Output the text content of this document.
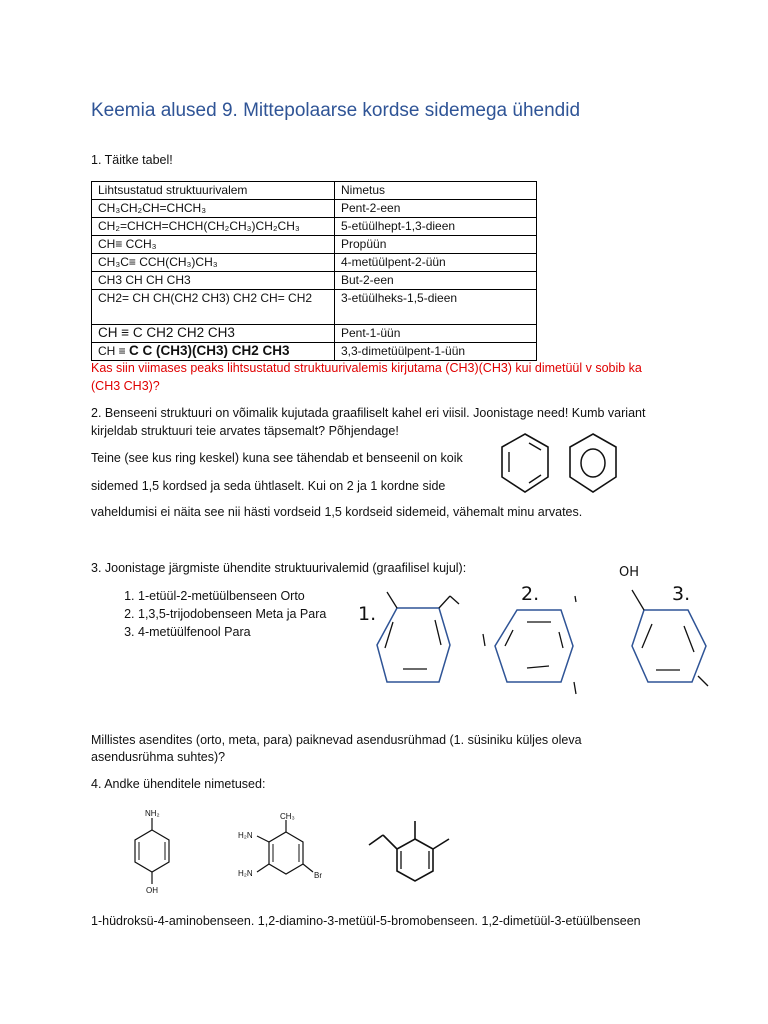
Keemia alused 9. Mittepolaarse kordse sidemega ühendid
1. Täitke tabel!
Lihtsustatud struktuurivalem	Nimetus
CH₃CH₂CH=CHCH₃	Pent-2-een
CH₂=CHCH=CHCH(CH₂CH₃)CH₂CH₃	5-etüülhept-1,3-dieen
CH≡ CCH₃	Propüün
CH₃C≡ CCH(CH₃)CH₃	4-metüülpent-2-üün
CH3 CH CH CH3	But-2-een
CH2= CH CH(CH2 CH3) CH2 CH= CH2	3-etüülheks-1,5-dieen
CH ≡ C CH2 CH2 CH3	Pent-1-üün
CH ≡ C C (CH3)(CH3) CH2 CH3	3,3-dimetüülpent-1-üün
Kas siin viimases peaks lihtsustatud struktuurivalemis kirjutama (CH3)(CH3) kui dimetüül v sobib ka
(CH3 CH3)?
2. Benseeni struktuuri on võimalik kujutada graafiliselt kahel eri viisil. Joonistage need! Kumb variant
kirjeldab struktuuri teie arvates täpsemalt? Põhjendage!
Teine (see kus ring keskel) kuna see tähendab et benseenil on koik
sidemed 1,5 kordsed ja seda ühtlaselt. Kui on 2 ja 1 kordne side
vaheldumisi ei näita see nii hästi vordseid 1,5 kordseid sidemeid, vähemalt minu arvates.
3. Joonistage järgmiste ühendite struktuurivalemid (graafilisel kujul):
1. 1-etüül-2-metüülbenseen Orto
2. 1,3,5-trijodobenseen Meta ja Para
3. 4-metüülfenool Para
1.
2.
OH
3.
Millistes asendites (orto, meta, para) paiknevad asendusrühmad (1. süsiniku küljes oleva
asendusrühma suhtes)?
4. Andke ühenditele nimetused:
NH₂
OH
CH₃
H₂N
H₂N	Br
1-hüdroksü-4-aminobenseen. 1,2-diamino-3-metüül-5-bromobenseen. 1,2-dimetüül-3-etüülbenseen
